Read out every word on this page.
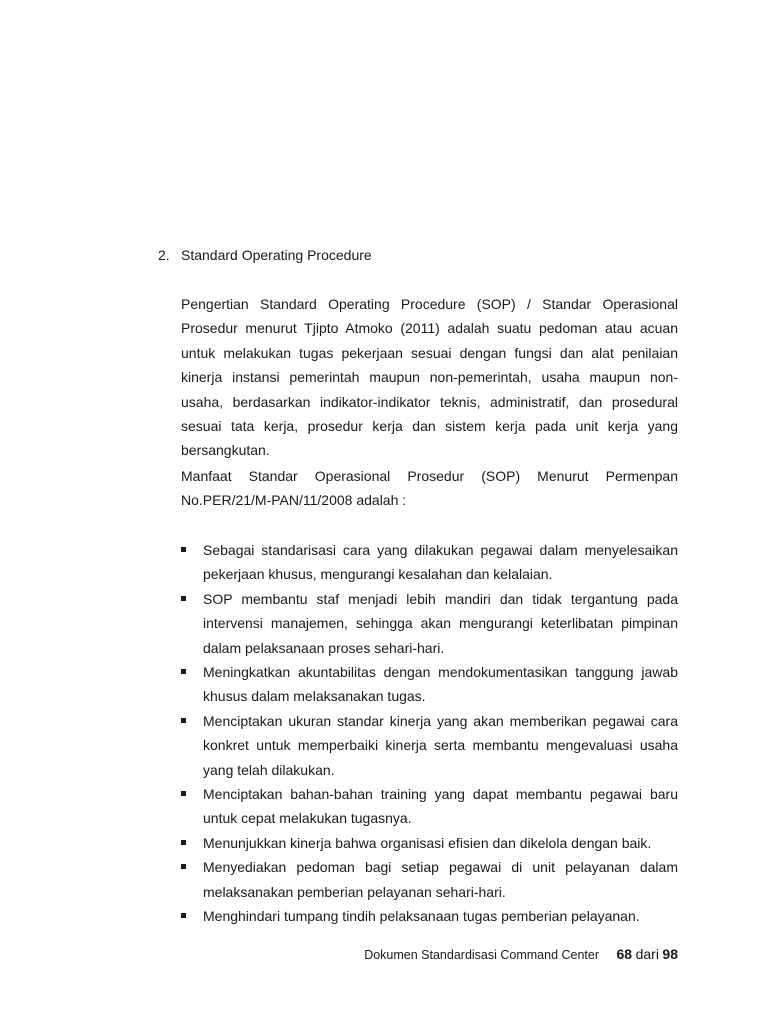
2. Standard Operating Procedure

Pengertian Standard Operating Procedure (SOP) / Standar Operasional Prosedur menurut Tjipto Atmoko (2011) adalah suatu pedoman atau acuan untuk melakukan tugas pekerjaan sesuai dengan fungsi dan alat penilaian kinerja instansi pemerintah maupun non-pemerintah, usaha maupun non-usaha, berdasarkan indikator-indikator teknis, administratif, dan prosedural sesuai tata kerja, prosedur kerja dan sistem kerja pada unit kerja yang bersangkutan.

Manfaat Standar Operasional Prosedur (SOP) Menurut Permenpan No.PER/21/M-PAN/11/2008 adalah :

Sebagai standarisasi cara yang dilakukan pegawai dalam menyelesaikan pekerjaan khusus, mengurangi kesalahan dan kelalaian.
SOP membantu staf menjadi lebih mandiri dan tidak tergantung pada intervensi manajemen, sehingga akan mengurangi keterlibatan pimpinan dalam pelaksanaan proses sehari-hari.
Meningkatkan akuntabilitas dengan mendokumentasikan tanggung jawab khusus dalam melaksanakan tugas.
Menciptakan ukuran standar kinerja yang akan memberikan pegawai cara konkret untuk memperbaiki kinerja serta membantu mengevaluasi usaha yang telah dilakukan.
Menciptakan bahan-bahan training yang dapat membantu pegawai baru untuk cepat melakukan tugasnya.
Menunjukkan kinerja bahwa organisasi efisien dan dikelola dengan baik.
Menyediakan pedoman bagi setiap pegawai di unit pelayanan dalam melaksanakan pemberian pelayanan sehari-hari.
Menghindari tumpang tindih pelaksanaan tugas pemberian pelayanan.
Dokumen Standardisasi Command Center 68 dari 98
